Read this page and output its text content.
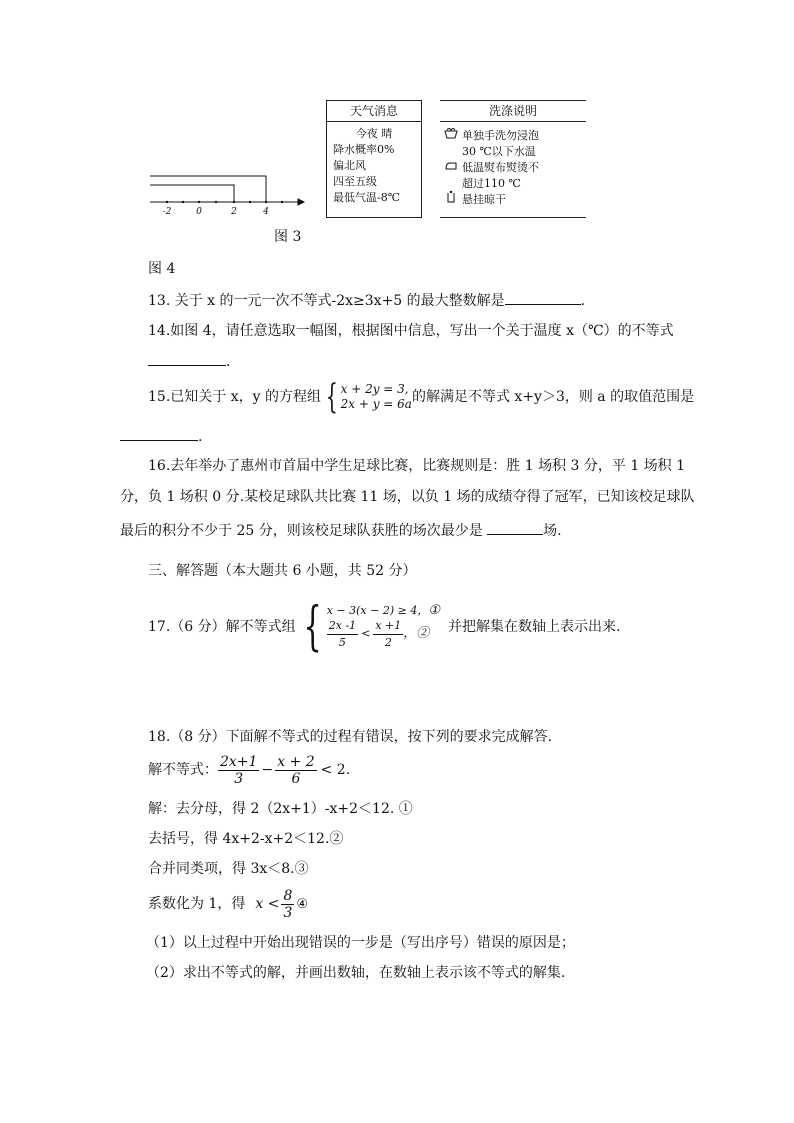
-2	0	2	4
天气消息
今夜 晴
降水概率0%
偏北风
四至五级
最低气温-8℃
洗涤说明
单独手洗勿浸泡
30 ℃以下水温
低温熨布熨烫不
超过110 ℃
悬挂晾干
图 3
图 4
13. 关于 x 的一元一次不等式-2x≥3x+5 的最大整数解是	.
14.如图 4，请任意选取一幅图，根据图中信息，写出一个关于温度 x（℃）的不等式
.
15.已知关于 x，y 的方程组 { x + 2y = 3,
2x + y = 6a 的解满足不等式 x+y＞3，则 a 的取值范围是
.
16.去年举办了惠州市首届中学生足球比赛，比赛规则是：胜 1 场积 3 分，平 1 场积 1
分，负 1 场积 0 分.某校足球队共比赛 11 场，以负 1 场的成绩夺得了冠军，已知该校足球队
最后的积分不少于 25 分，则该校足球队获胜的场次最少是	场.
三、解答题（本大题共 6 小题，共 52 分）
17.（6 分）解不等式组 { x − 3(x − 2) ≥ 4，①
$\frac{2x -1}{5} < \frac{x +1}{2}$ ，② 并把解集在数轴上表示出来.
18.（8 分）下面解不等式的过程有错误，按下列的要求完成解答.
解不等式： $\frac{2x+1}{3} - \frac{x + 2}{6} < 2$.
解：去分母，得 2（2x+1）-x+2＜12. ①
去括号，得 4x+2-x+2＜12.②
合并同类项，得 3x＜8.③
系数化为 1，得 $x < \frac{8}{3}$ ④
（1）以上过程中开始出现错误的一步是（写出序号）错误的原因是；
（2）求出不等式的解，并画出数轴，在数轴上表示该不等式的解集.
